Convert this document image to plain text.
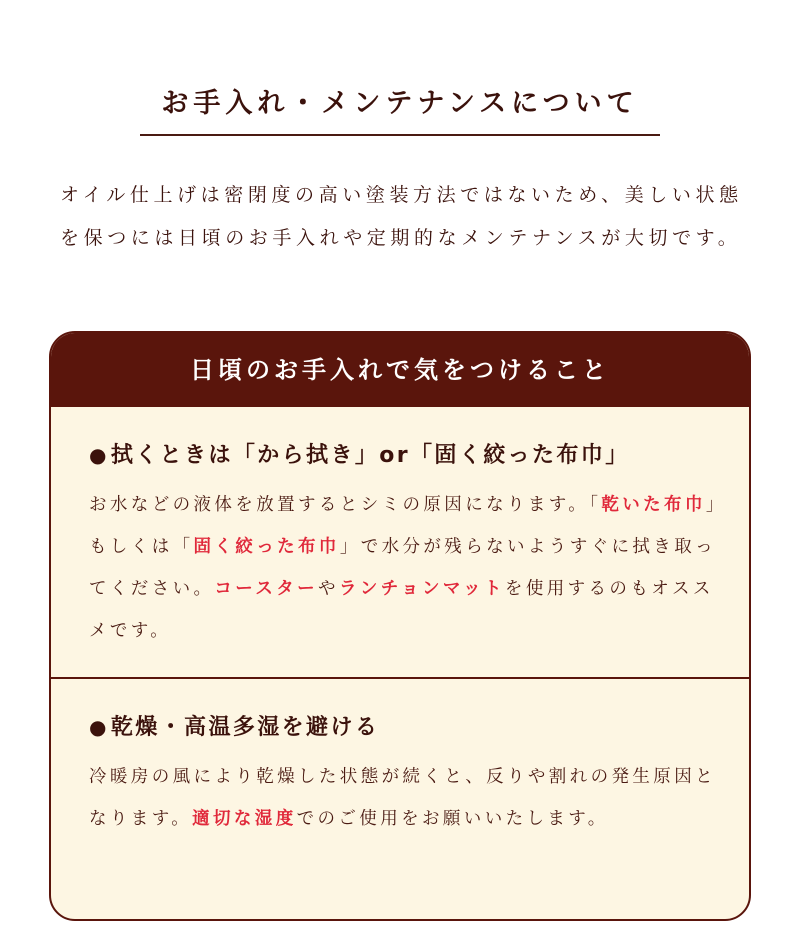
お手入れ・メンテナンスについて

オイル仕上げは密閉度の高い塗装方法ではないため、美しい状態を保つには日頃のお手入れや定期的なメンテナンスが大切です。

日頃のお手入れで気をつけること
●拭くときは「から拭き」or「固く絞った布巾」

お水などの液体を放置するとシミの原因になります。「乾いた布巾」もしくは「固く絞った布巾」で水分が残らないようすぐに拭き取ってください。コースターやランチョンマットを使用するのもオススメです。

●乾燥・高温多湿を避ける

冷暖房の風により乾燥した状態が続くと、反りや割れの発生原因となります。適切な湿度でのご使用をお願いいたします。
